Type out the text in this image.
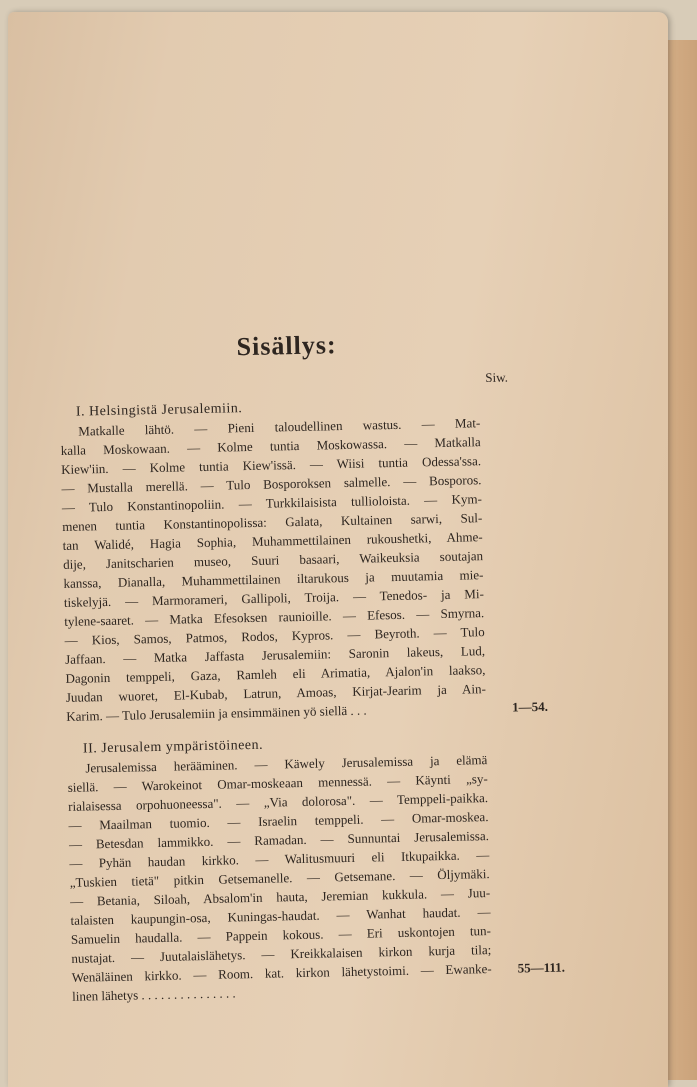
Sisällys:
Siw.
I. Helsingistä Jerusalemiin.
Matkalle lähtö. — Pieni taloudellinen wastus. — Mat-
kalla Moskowaan. — Kolme tuntia Moskowassa. — Matkalla
Kiew'iin. — Kolme tuntia Kiew'issä. — Wiisi tuntia Odessa'ssa.
— Mustalla merellä. — Tulo Bosporoksen salmelle. — Bosporos.
— Tulo Konstantinopoliin. — Turkkilaisista tullioloista. — Kym-
menen tuntia Konstantinopolissa: Galata, Kultainen sarwi, Sul-
tan Walidé, Hagia Sophia, Muhammettilainen rukoushetki, Ahme-
dije, Janitscharien museo, Suuri basaari, Waikeuksia soutajan
kanssa, Dianalla, Muhammettilainen iltarukous ja muutamia mie-
tiskelyjä. — Marmorameri, Gallipoli, Troija. — Tenedos- ja Mi-
tylene-saaret. — Matka Efesoksen raunioille. — Efesos. — Smyrna.
— Kios, Samos, Patmos, Rodos, Kypros. — Beyroth. — Tulo
Jaffaan. — Matka Jaffasta Jerusalemiin: Saronin lakeus, Lud,
Dagonin temppeli, Gaza, Ramleh eli Arimatia, Ajalon'in laakso,
Juudan wuoret, El-Kubab, Latrun, Amoas, Kirjat-Jearim ja Ain-
Karim. — Tulo Jerusalemiin ja ensimmäinen yö siellä . . .	1—54.
II. Jerusalem ympäristöineen.
Jerusalemissa herääminen. — Käwely Jerusalemissa ja elämä
siellä. — Warokeinot Omar-moskeaan mennessä. — Käynti „sy-
rialaisessa orpohuoneessa". — „Via dolorosa". — Temppeli-paikka.
— Maailman tuomio. — Israelin temppeli. — Omar-moskea.
— Betesdan lammikko. — Ramadan. — Sunnuntai Jerusalemissa.
— Pyhän haudan kirkko. — Walitusmuuri eli Itkupaikka. —
„Tuskien tietä" pitkin Getsemanelle. — Getsemane. — Öljymäki.
— Betania, Siloah, Absalom'in hauta, Jeremian kukkula. — Juu-
talaisten kaupungin-osa, Kuningas-haudat. — Wanhat haudat. —
Samuelin haudalla. — Pappein kokous. — Eri uskontojen tun-
nustajat. — Juutalaislähetys. — Kreikkalaisen kirkon kurja tila;
Wenäläinen kirkko. — Room. kat. kirkon lähetystoimi. — Ewanke-
linen lähetys . . . . . . . . . . . . . . .
55—111.
